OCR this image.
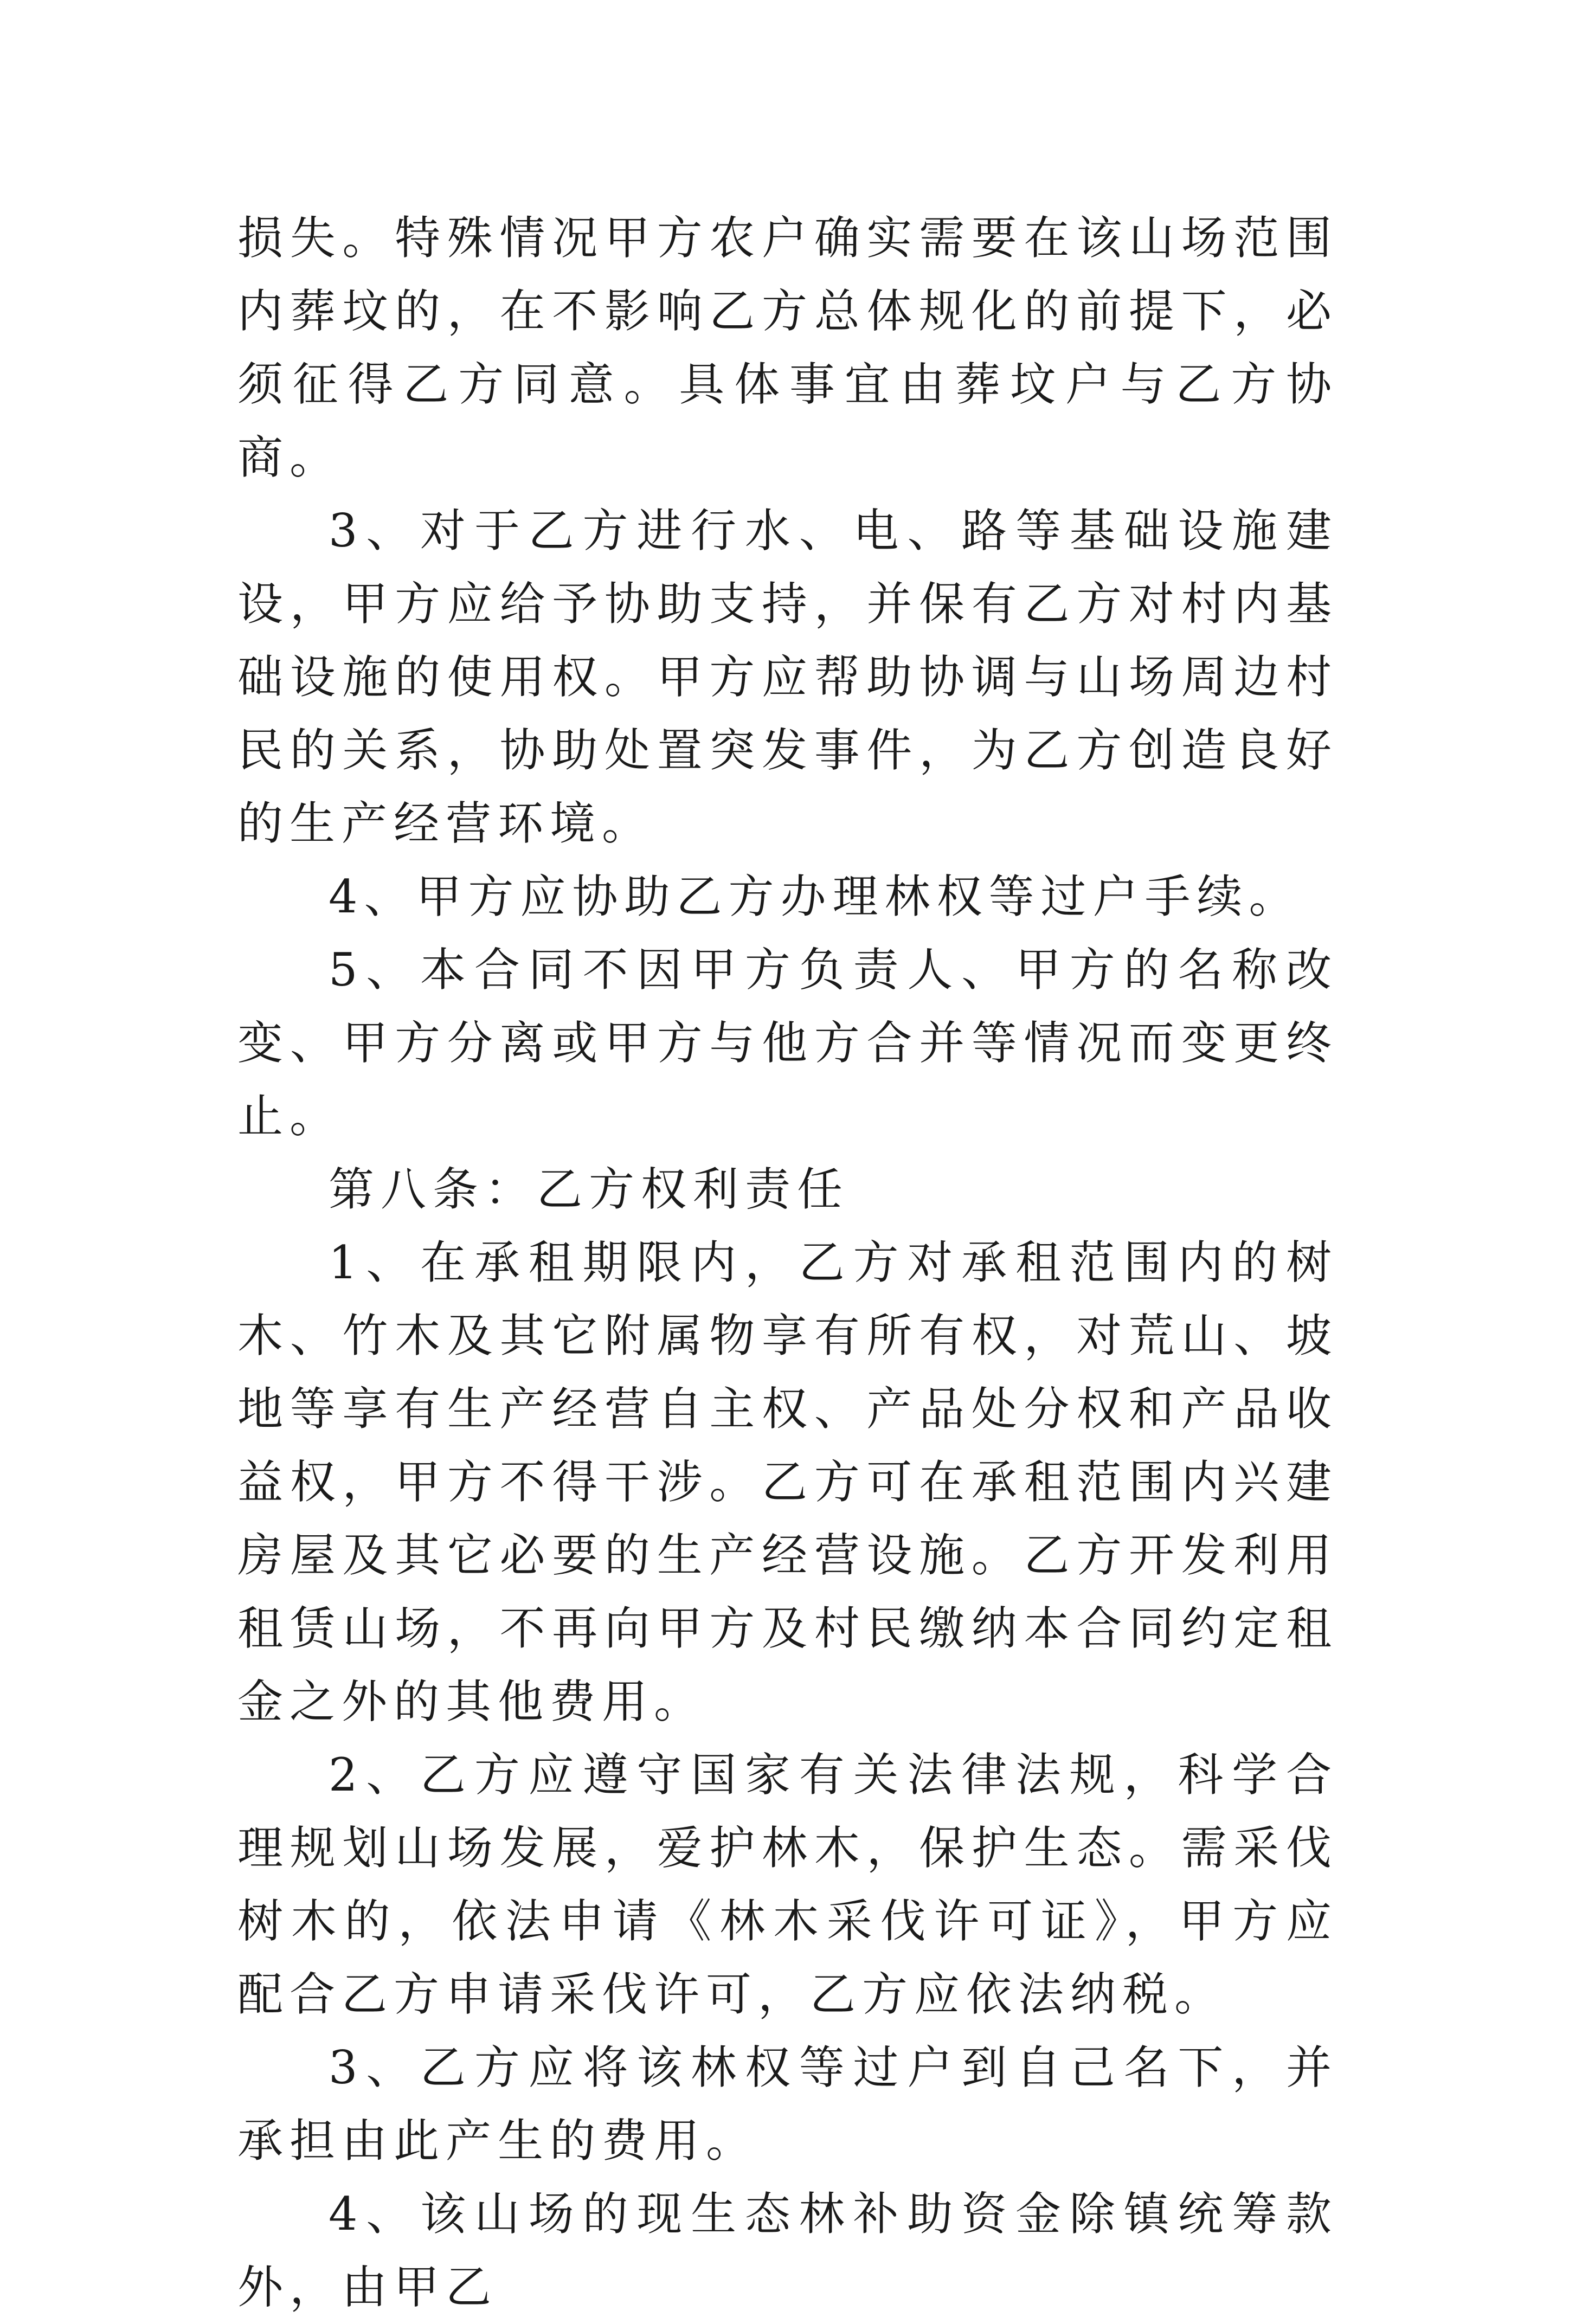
损失。特殊情况甲方农户确实需要在该山场范围内葬坟的，在不影响乙方总体规化的前提下，必须征得乙方同意。具体事宜由葬坟户与乙方协商。

3、对于乙方进行水、电、路等基础设施建设，甲方应给予协助支持，并保有乙方对村内基础设施的使用权。甲方应帮助协调与山场周边村民的关系，协助处置突发事件，为乙方创造良好的生产经营环境。

4、甲方应协助乙方办理林权等过户手续。

5、本合同不因甲方负责人、甲方的名称改变、甲方分离或甲方与他方合并等情况而变更终止。

第八条：乙方权利责任

1、在承租期限内，乙方对承租范围内的树木、竹木及其它附属物享有所有权，对荒山、坡地等享有生产经营自主权、产品处分权和产品收益权，甲方不得干涉。乙方可在承租范围内兴建房屋及其它必要的生产经营设施。乙方开发利用租赁山场，不再向甲方及村民缴纳本合同约定租金之外的其他费用。

2、乙方应遵守国家有关法律法规，科学合理规划山场发展，爱护林木，保护生态。需采伐树木的，依法申请《林木采伐许可证》，甲方应配合乙方申请采伐许可，乙方应依法纳税。

3、乙方应将该林权等过户到自己名下，并承担由此产生的费用。

4、该山场的现生态林补助资金除镇统筹款外，由甲乙
